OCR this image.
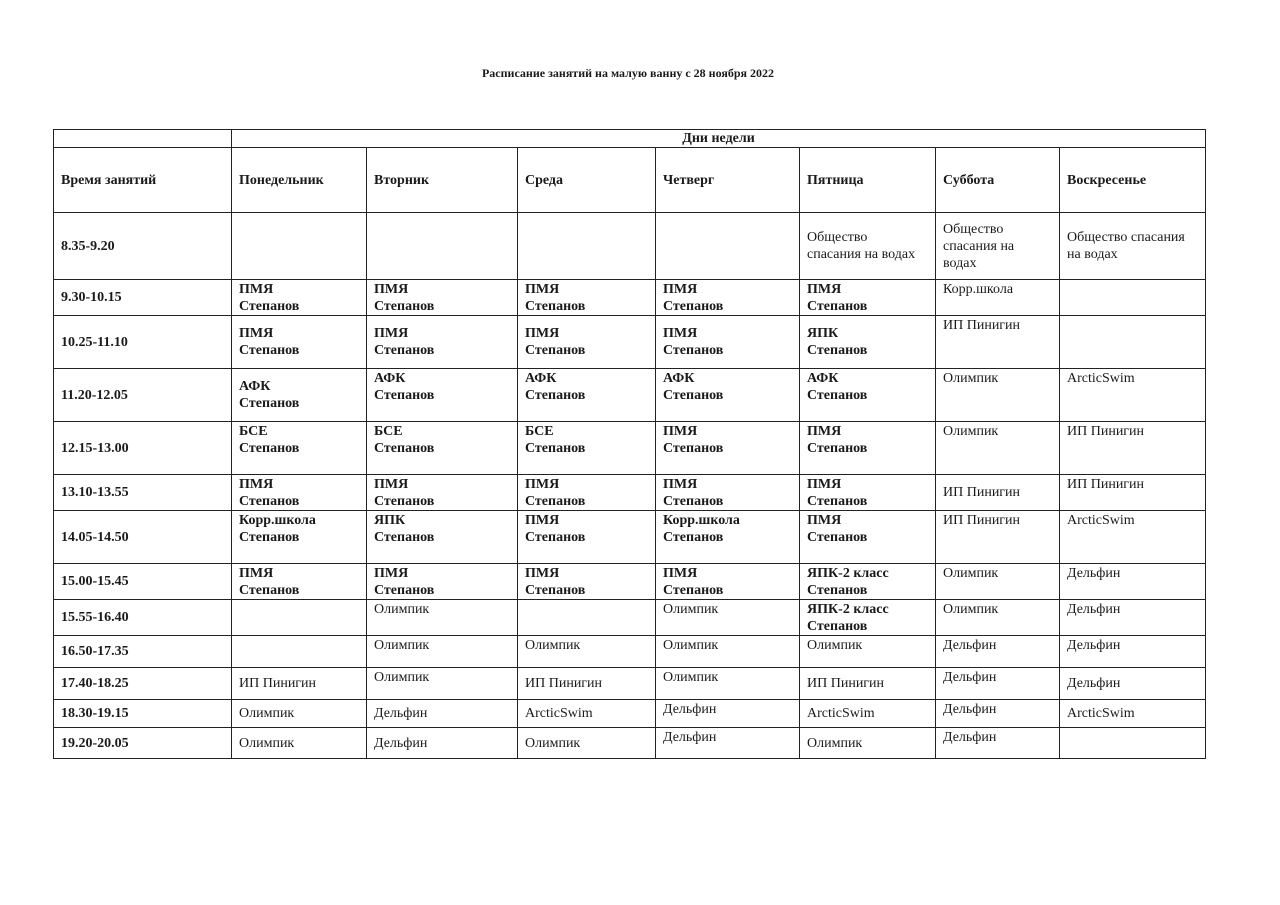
Расписание занятий на малую ванну с 28 ноября 2022
	Дни недели						
Время занятий	Понедельник	Вторник	Среда	Четверг	Пятница	Суббота	Воскресенье
8.35-9.20					Общество
спасания на водах	Общество
спасания на
водах	Общество спасания
на водах

9.30-10.15	ПМЯ
Степанов	ПМЯ
Степанов	ПМЯ
Степанов	ПМЯ
Степанов	ПМЯ
Степанов	Корр.школа	

10.25-11.10	ПМЯ
Степанов	ПМЯ
Степанов	ПМЯ
Степанов	ПМЯ
Степанов	ЯПК
Степанов	ИП Пинигин	

11.20-12.05	АФК
Степанов	АФК
Степанов	АФК
Степанов	АФК
Степанов	АФК
Степанов	Олимпик	ArcticSwim

12.15-13.00	БСЕ
Степанов	БСЕ
Степанов	БСЕ
Степанов	ПМЯ
Степанов	ПМЯ
Степанов	Олимпик	ИП Пинигин

13.10-13.55	ПМЯ
Степанов	ПМЯ
Степанов	ПМЯ
Степанов	ПМЯ
Степанов	ПМЯ
Степанов	ИП Пинигин	ИП Пинигин

14.05-14.50	Корр.школа
Степанов	ЯПК
Степанов	ПМЯ
Степанов	Корр.школа
Степанов	ПМЯ
Степанов	ИП Пинигин	ArcticSwim

15.00-15.45	ПМЯ
Степанов	ПМЯ
Степанов	ПМЯ
Степанов	ПМЯ
Степанов	ЯПК-2 класс
Степанов	Олимпик	Дельфин

15.55-16.40		Олимпик		Олимпик	ЯПК-2 класс
Степанов	Олимпик	Дельфин

16.50-17.35		Олимпик	Олимпик	Олимпик	Олимпик	Дельфин	Дельфин

17.40-18.25	ИП Пинигин	Олимпик	ИП Пинигин	Олимпик	ИП Пинигин	Дельфин	Дельфин

18.30-19.15	Олимпик	Дельфин	ArcticSwim	Дельфин	ArcticSwim	Дельфин	ArcticSwim

19.20-20.05	Олимпик	Дельфин	Олимпик	Дельфин	Олимпик	Дельфин	
